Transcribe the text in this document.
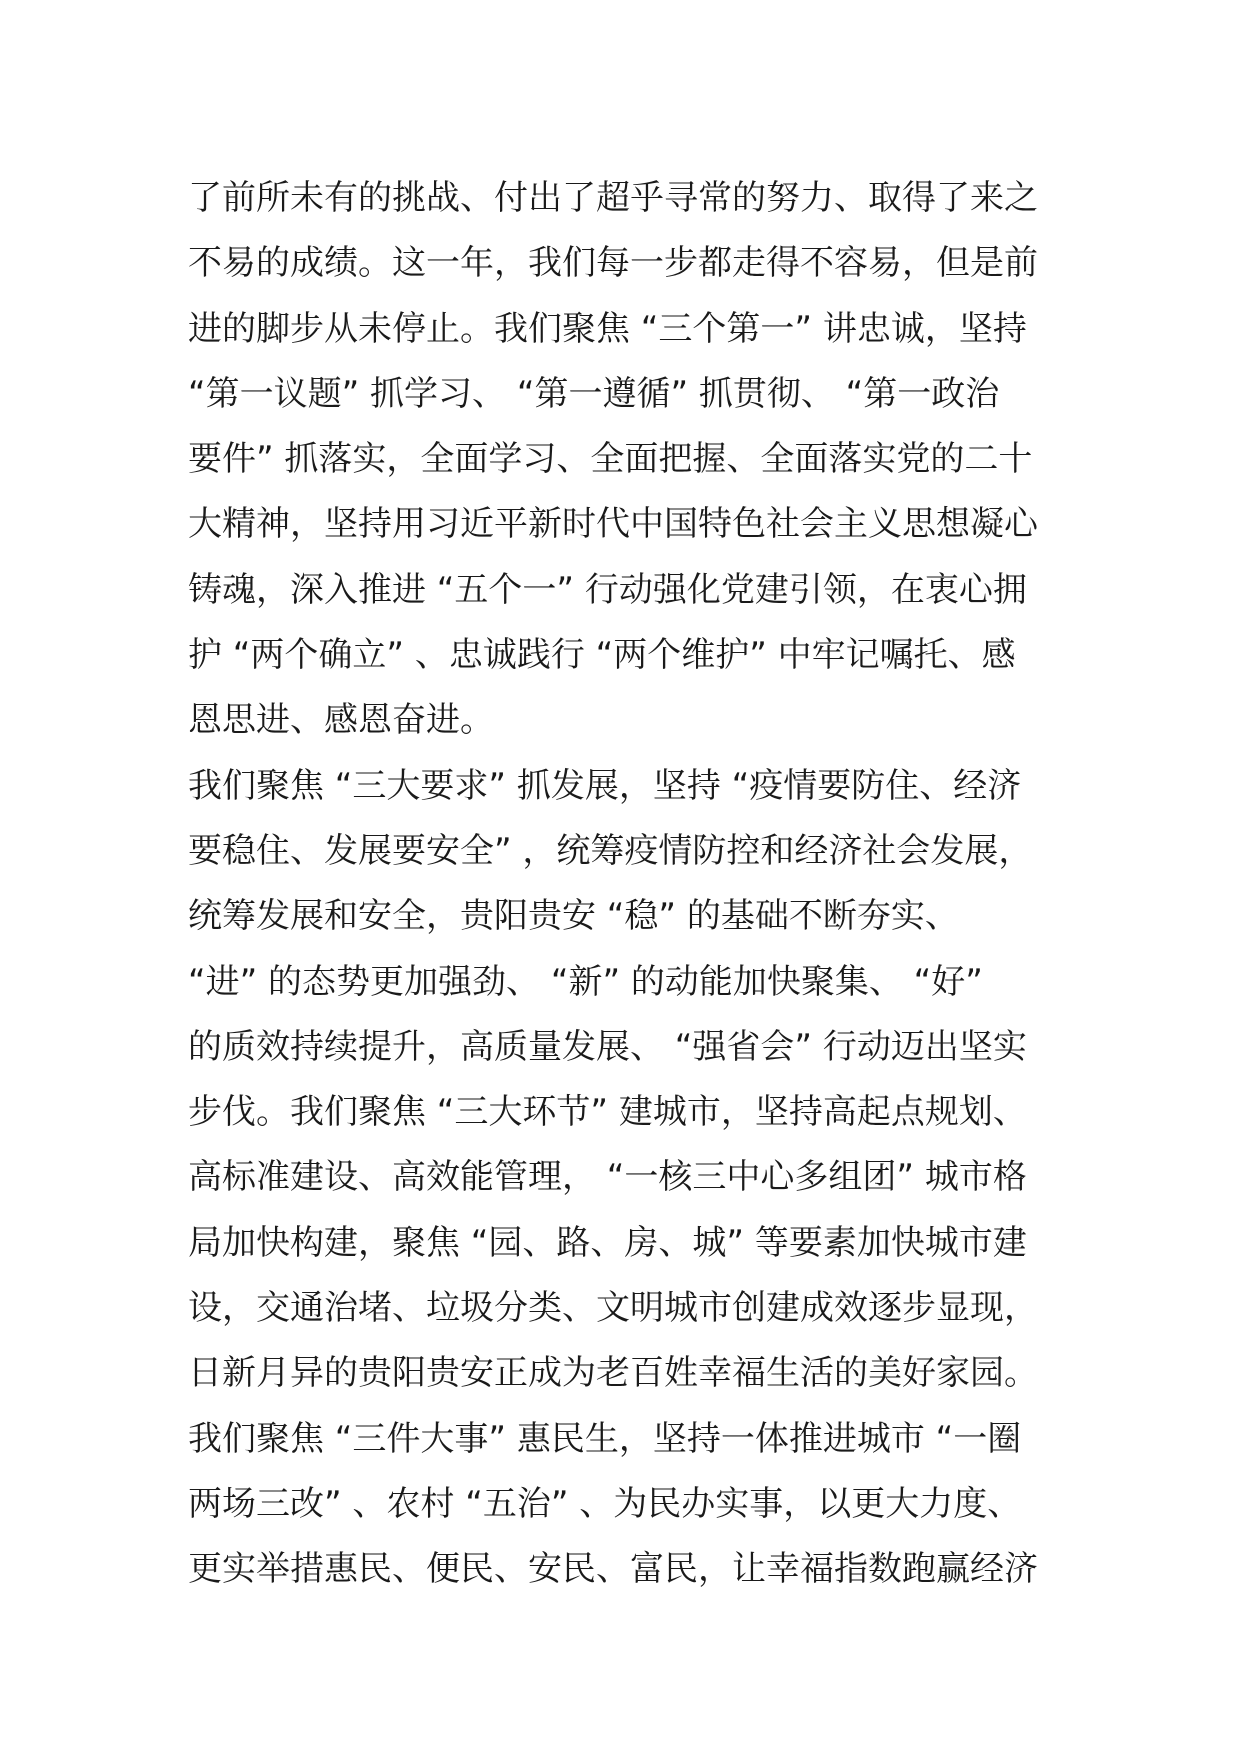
了前所未有的挑战、付出了超乎寻常的努力、取得了来之
不易的成绩。这一年，我们每一步都走得不容易，但是前
进的脚步从未停止。我们聚焦 “三个第一” 讲忠诚，坚持
“第一议题” 抓学习、 “第一遵循” 抓贯彻、 “第一政治
要件” 抓落实，全面学习、全面把握、全面落实党的二十
大精神，坚持用习近平新时代中国特色社会主义思想凝心
铸魂，深入推进 “五个一” 行动强化党建引领，在衷心拥
护 “两个确立” 、忠诚践行 “两个维护” 中牢记嘱托、感
恩思进、感恩奋进。
我们聚焦 “三大要求” 抓发展，坚持 “疫情要防住、经济
要稳住、发展要安全” ，统筹疫情防控和经济社会发展，
统筹发展和安全，贵阳贵安 “稳” 的基础不断夯实、
“进” 的态势更加强劲、 “新” 的动能加快聚集、 “好”
的质效持续提升，高质量发展、 “强省会” 行动迈出坚实
步伐。我们聚焦 “三大环节” 建城市，坚持高起点规划、
高标准建设、高效能管理， “一核三中心多组团” 城市格
局加快构建，聚焦 “园、路、房、城” 等要素加快城市建
设，交通治堵、垃圾分类、文明城市创建成效逐步显现，
日新月异的贵阳贵安正成为老百姓幸福生活的美好家园。
我们聚焦 “三件大事” 惠民生，坚持一体推进城市 “一圈
两场三改” 、农村 “五治” 、为民办实事，以更大力度、
更实举措惠民、便民、安民、富民，让幸福指数跑赢经济
